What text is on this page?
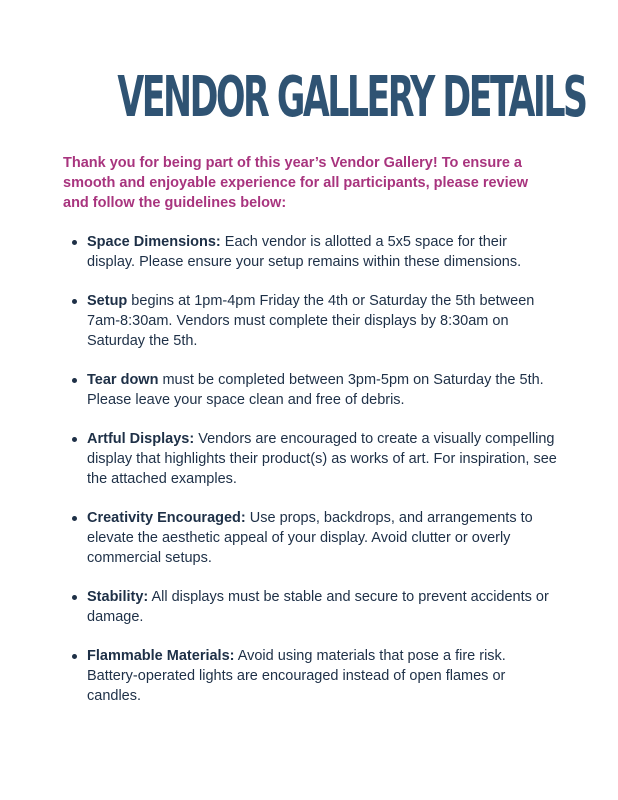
VENDOR GALLERY DETAILS

Thank you for being part of this year’s Vendor Gallery! To ensure a smooth and enjoyable experience for all participants, please review and follow the guidelines below:

Space Dimensions: Each vendor is allotted a 5x5 space for their display. Please ensure your setup remains within these dimensions.
Setup begins at 1pm-4pm Friday the 4th or Saturday the 5th between 7am-8:30am. Vendors must complete their displays by 8:30am on Saturday the 5th.
Tear down must be completed between 3pm-5pm on Saturday the 5th. Please leave your space clean and free of debris.
Artful Displays: Vendors are encouraged to create a visually compelling display that highlights their product(s) as works of art. For inspiration, see the attached examples.
Creativity Encouraged: Use props, backdrops, and arrangements to elevate the aesthetic appeal of your display. Avoid clutter or overly commercial setups.
Stability: All displays must be stable and secure to prevent accidents or damage.
Flammable Materials: Avoid using materials that pose a fire risk. Battery-operated lights are encouraged instead of open flames or candles.
